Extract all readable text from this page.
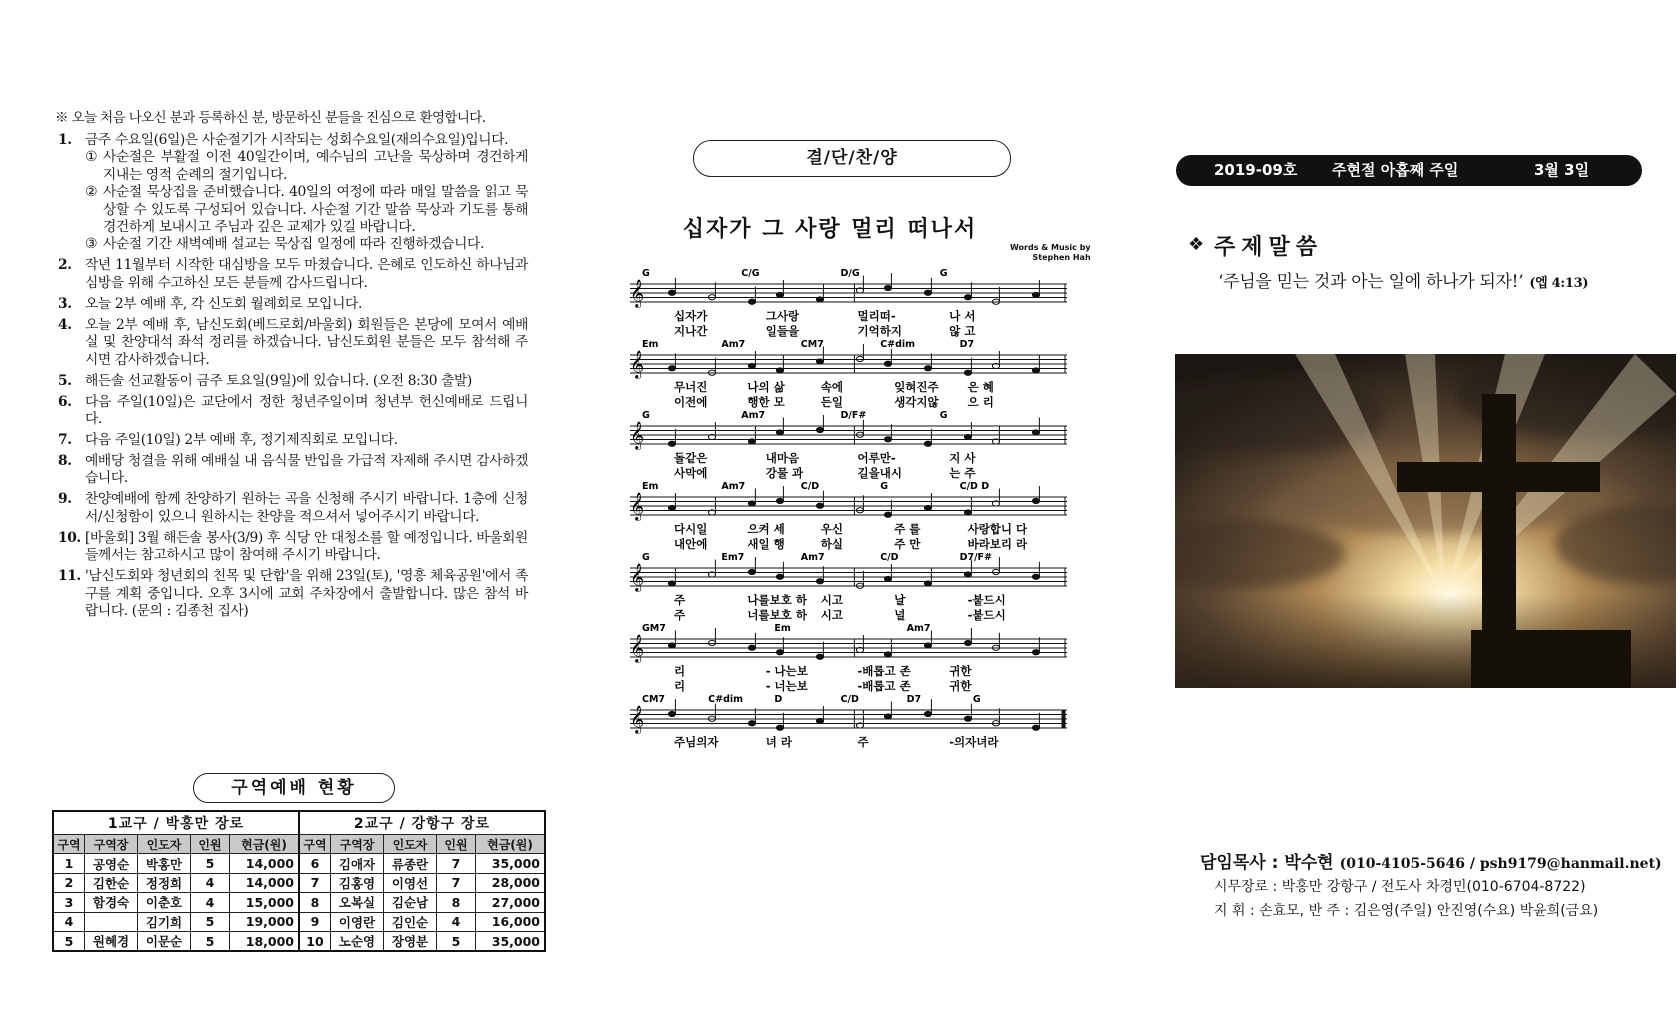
※ 오늘 처음 나오신 분과 등록하신 분, 방문하신 분들을 진심으로 환영합니다.
1. 금주 수요일(6일)은 사순절기가 시작되는 성회수요일(재의수요일)입니다.
① 사순절은 부활절 이전 40일간이며, 예수님의 고난을 묵상하며 경건하게 지내는 영적 순례의 절기입니다.
② 사순절 묵상집을 준비했습니다. 40일의 여정에 따라 매일 말씀을 읽고 묵상할 수 있도록 구성되어 있습니다. 사순절 기간 말씀 묵상과 기도를 통해 경건하게 보내시고 주님과 깊은 교제가 있길 바랍니다.
③ 사순절 기간 새벽예배 설교는 묵상집 일정에 따라 진행하겠습니다.
2. 작년 11월부터 시작한 대심방을 모두 마쳤습니다. 은혜로 인도하신 하나님과 심방을 위해 수고하신 모든 분들께 감사드립니다.
3. 오늘 2부 예배 후, 각 신도회 월례회로 모입니다.
4. 오늘 2부 예배 후, 남신도회(베드로회/바울회) 회원들은 본당에 모여서 예배실 및 찬양대석 좌석 정리를 하겠습니다. 남신도회원 분들은 모두 참석해 주시면 감사하겠습니다.
5. 해든솔 선교활동이 금주 토요일(9일)에 있습니다. (오전 8:30 출발)
6. 다음 주일(10일)은 교단에서 정한 청년주일이며 청년부 헌신예배로 드립니다.
7. 다음 주일(10일) 2부 예배 후, 정기제직회로 모입니다.
8. 예배당 청결을 위해 예배실 내 음식물 반입을 가급적 자제해 주시면 감사하겠습니다.
9. 찬양예배에 함께 찬양하기 원하는 곡을 신청해 주시기 바랍니다. 1층에 신청서/신청함이 있으니 원하시는 찬양을 적으셔서 넣어주시기 바랍니다.
10. [바울회] 3월 해든솔 봉사(3/9) 후 식당 안 대청소를 할 예정입니다. 바울회원들께서는 참고하시고 많이 참여해 주시기 바랍니다.
11. '남신도회와 청년회의 친목 및 단합'을 위해 23일(토), '영흥 체육공원'에서 족구를 계획 중입니다. 오후 3시에 교회 주차장에서 출발합니다. 많은 참석 바랍니다. (문의 : 김종천 집사)
구역예배 현황
1교구 / 박홍만 장로					2교구 / 강항구 장로				
구역	구역장	인도자	인원	현금(원)	구역	구역장	인도자	인원	현금(원)
1	공영순	박홍만	5	14,000	6	김애자	류종란	7	35,000
2	김한순	정정희	4	14,000	7	김홍영	이영선	7	28,000
3	함경숙	이춘호	4	15,000	8	오복실	김순남	8	27,000
4		김기희	5	19,000	9	이영란	김인순	4	16,000
5	원혜경	이문순	5	18,000	10	노순영	장영분	5	35,000
결/단/찬/양
십자가 그 사랑 멀리 떠나서
Words & Music by
Stephen Hah
G	C/G	D/G	G
𝄞
십자가	그사랑	멀리떠-	나 서
지나간	일들을	기억하지	않 고
Em	Am7	CM7	C#dim	D7
𝄞
무너진	나의 삶	속에	잊혀진주	은 혜
이전에	행한 모	든일	생각지않	으 리
G	Am7	D/F#	G
𝄞
돌같은	내마음	어루만-	지 사
사막에	강물 과	길을내시	는 주
Em	Am7	C/D	G	C/D D
𝄞
다시일	으켜 세	우신	주 를	사랑합니 다
내안에	새일 행	하실	주 만	바라보리 라
G	Em7	Am7	C/D	D7/F#
𝄞
주	나를보호 하 시고	날	-붙드시
주	너를보호 하 시고	널	-붙드시
GM7	Em	Am7
𝄞
리	- 나는보	-배롭고 존	귀한
리	- 너는보	-배롭고 존	귀한
CM7	C#dim	D	C/D	D7	G
𝄞
주님의자	녀 라	주	-의자녀라
2019-09호 주현절 아홉째 주일	3월 3일
❖ 주제말씀
‘주님을 믿는 것과 아는 일에 하나가 되자!’ (엡 4:13)
담임목사 : 박수현 (010-4105-5646 / psh9179@hanmail.net)
시무장로 : 박홍만 강항구 / 전도사 차경민(010-6704-8722)
지 휘 : 손효모, 반 주 : 김은영(주일) 안진영(수요) 박윤희(금요)
